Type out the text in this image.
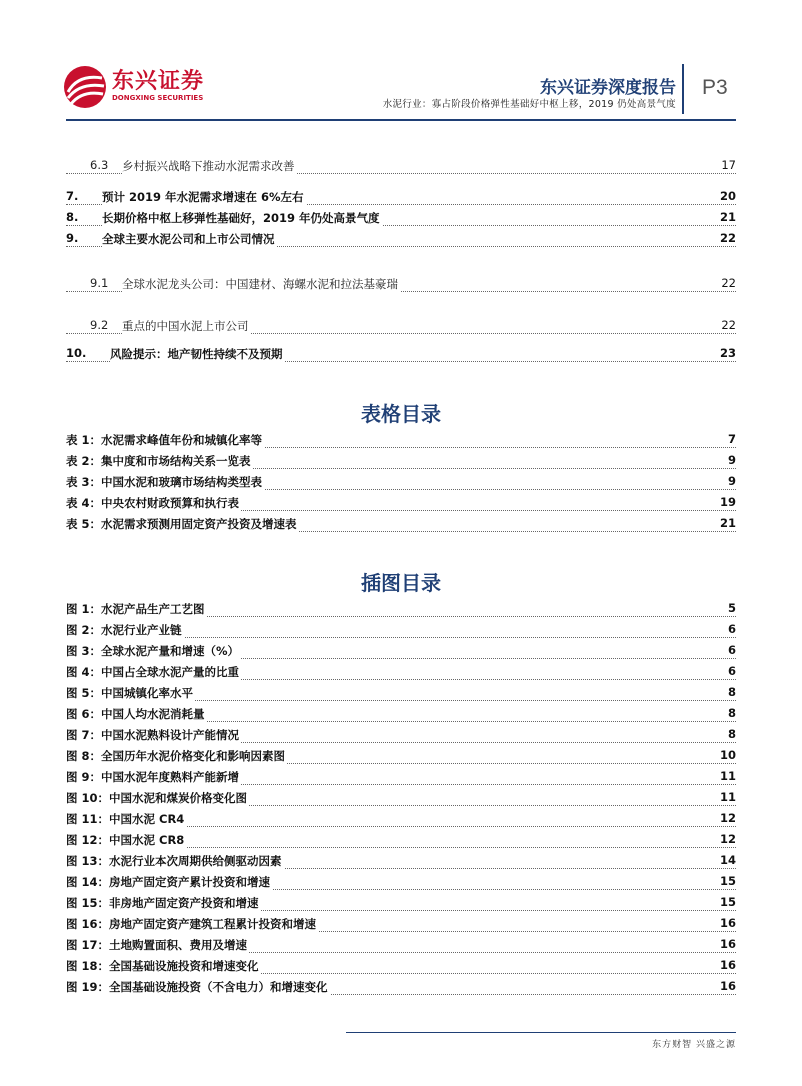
东兴证券
DONGXING SECURITIES	东兴证券深度报告
水泥行业：寡占阶段价格弹性基础好中枢上移，2019 仍处高景气度
P3
6.3 乡村振兴战略下推动水泥需求改善	17
7. 预计 2019 年水泥需求增速在 6%左右	20
8. 长期价格中枢上移弹性基础好，2019 年仍处高景气度	21
9. 全球主要水泥公司和上市公司情况	22
9.1 全球水泥龙头公司：中国建材、海螺水泥和拉法基豪瑞	22
9.2 重点的中国水泥上市公司	22
10. 风险提示：地产韧性持续不及预期	23
表格目录
表 1：水泥需求峰值年份和城镇化率等	7
表 2：集中度和市场结构关系一览表	9
表 3：中国水泥和玻璃市场结构类型表	9
表 4：中央农村财政预算和执行表	19
表 5：水泥需求预测用固定资产投资及增速表	21
插图目录
图 1：水泥产品生产工艺图	5
图 2：水泥行业产业链	6
图 3：全球水泥产量和增速（%）	6
图 4：中国占全球水泥产量的比重	6
图 5：中国城镇化率水平	8
图 6：中国人均水泥消耗量	8
图 7：中国水泥熟料设计产能情况	8
图 8：全国历年水泥价格变化和影响因素图	10
图 9：中国水泥年度熟料产能新增	11
图 10：中国水泥和煤炭价格变化图	11
图 11：中国水泥 CR4	12
图 12：中国水泥 CR8	12
图 13：水泥行业本次周期供给侧驱动因素	14
图 14：房地产固定资产累计投资和增速	15
图 15：非房地产固定资产投资和增速	15
图 16：房地产固定资产建筑工程累计投资和增速	16
图 17：土地购置面积、费用及增速	16
图 18：全国基础设施投资和增速变化	16
图 19：全国基础设施投资（不含电力）和增速变化	16
东方财智 兴盛之源
